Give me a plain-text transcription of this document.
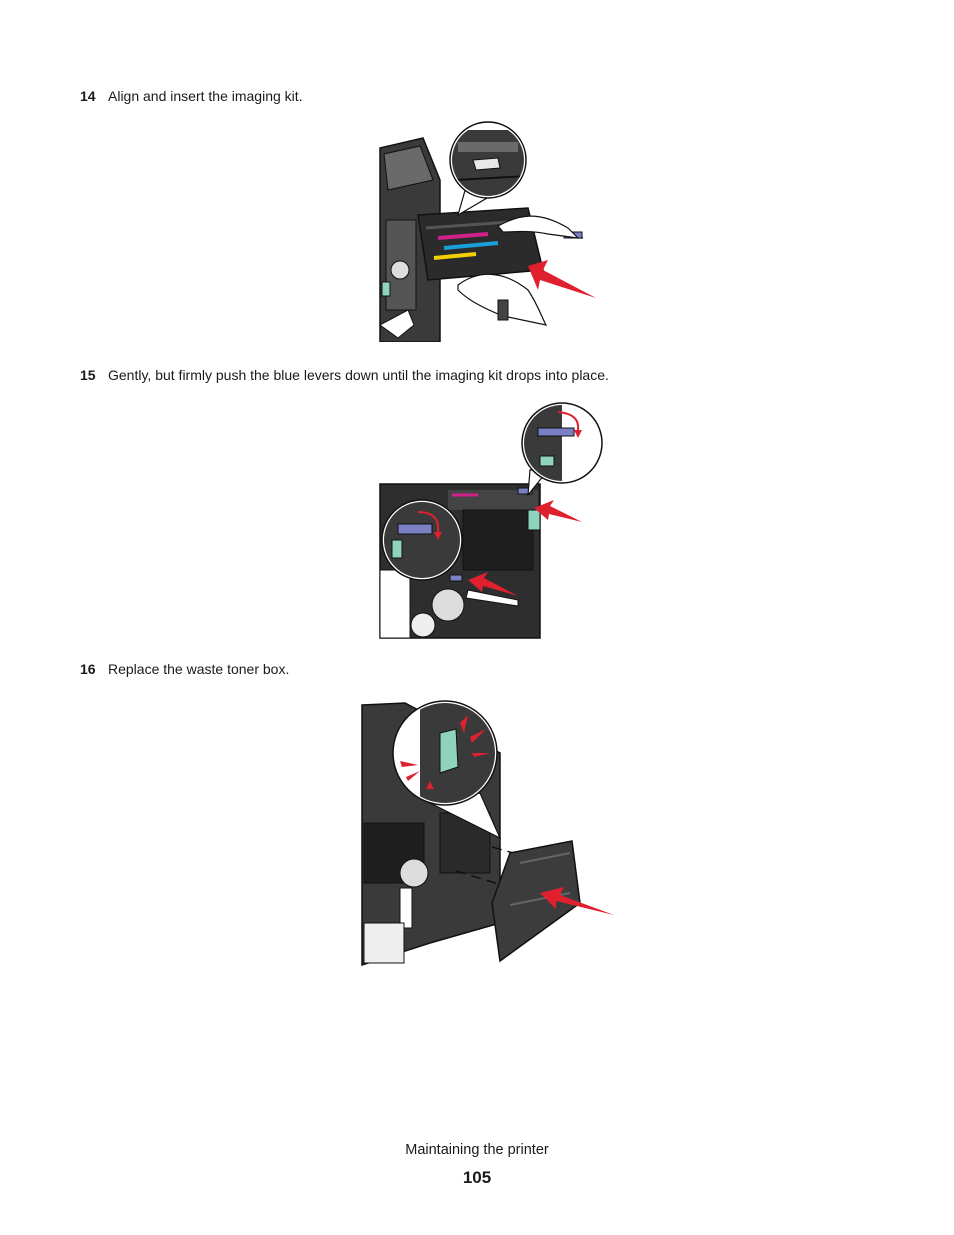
14 Align and insert the imaging kit.
15 Gently, but firmly push the blue levers down until the imaging kit drops into place.
16 Replace the waste toner box.
Maintaining the printer
105
